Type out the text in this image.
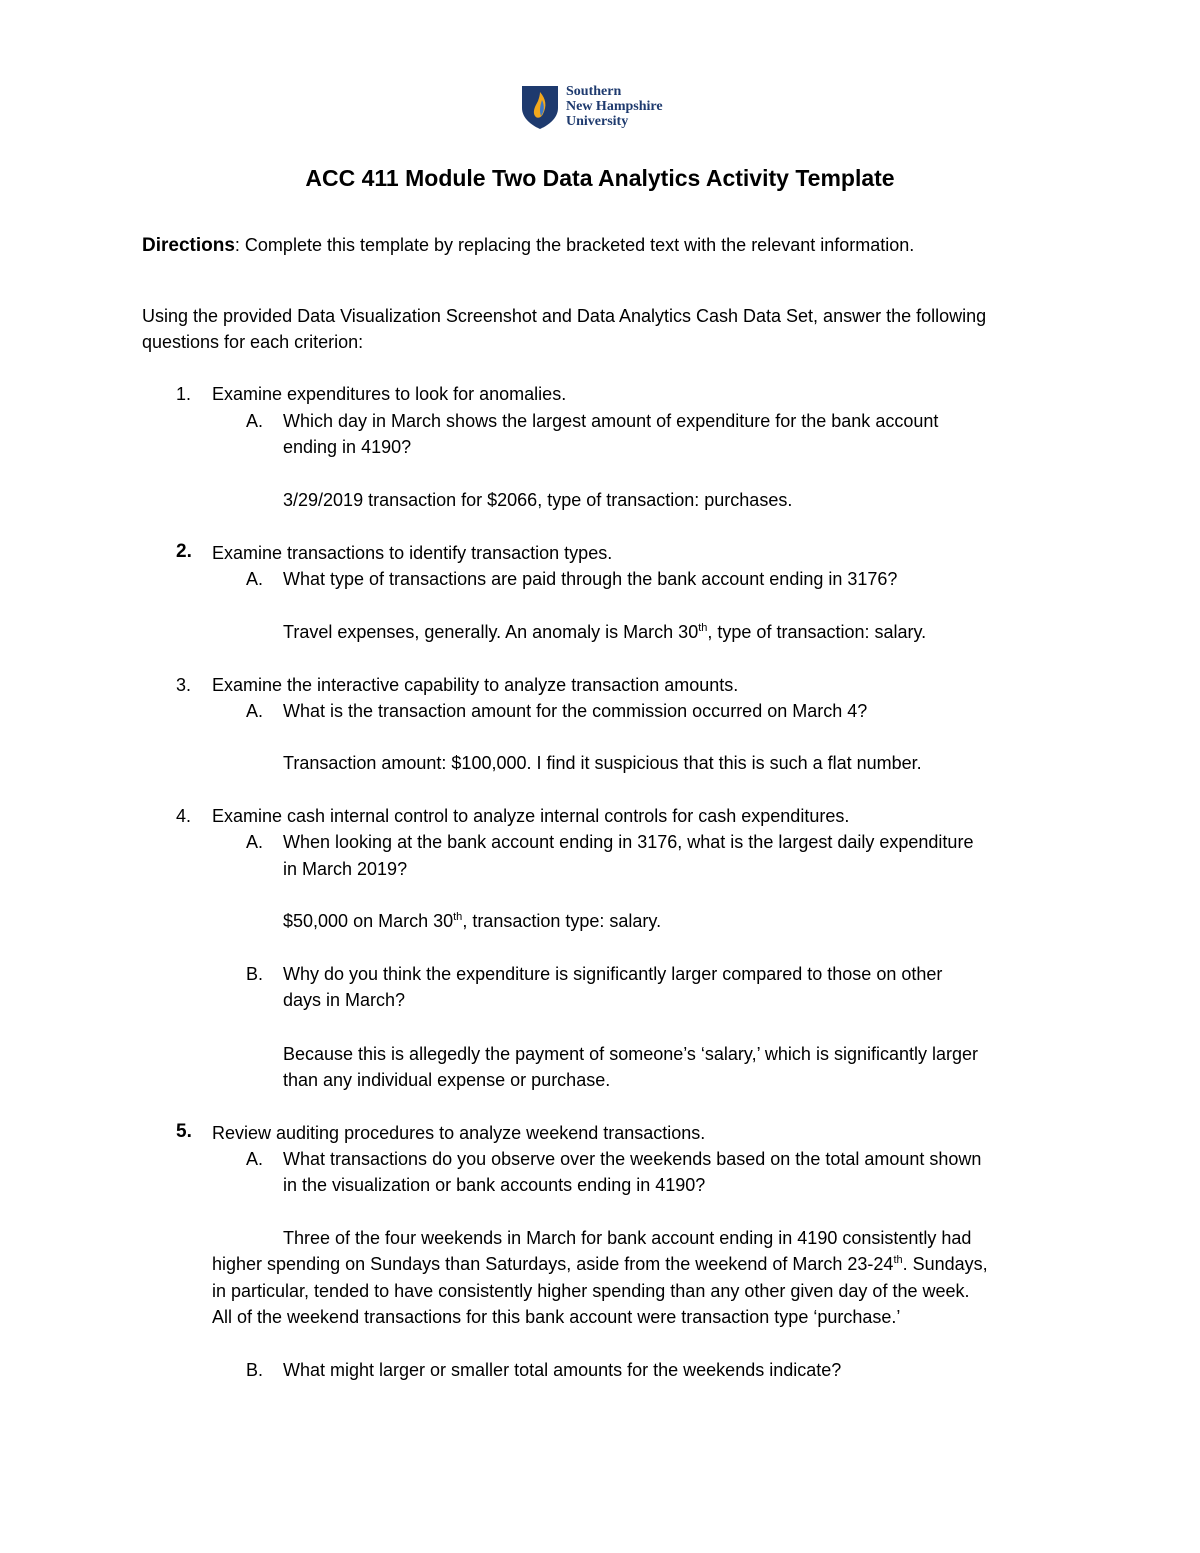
Southern
New Hampshire
University
ACC 411 Module Two Data Analytics Activity Template
Directions: Complete this template by replacing the bracketed text with the relevant information.
Using the provided Data Visualization Screenshot and Data Analytics Cash Data Set, answer the following
questions for each criterion:
1.	Examine expenditures to look for anomalies.
A. Which day in March shows the largest amount of expenditure for the bank account
ending in 4190?
3/29/2019 transaction for $2066, type of transaction: purchases.
2.	Examine transactions to identify transaction types.
A. What type of transactions are paid through the bank account ending in 3176?
Travel expenses, generally. An anomaly is March 30th, type of transaction: salary.
3.	Examine the interactive capability to analyze transaction amounts.
A. What is the transaction amount for the commission occurred on March 4?
Transaction amount: $100,000. I find it suspicious that this is such a flat number.
4.	Examine cash internal control to analyze internal controls for cash expenditures.
A. When looking at the bank account ending in 3176, what is the largest daily expenditure
in March 2019?
$50,000 on March 30th, transaction type: salary.
B. Why do you think the expenditure is significantly larger compared to those on other
days in March?
Because this is allegedly the payment of someone’s ‘salary,’ which is significantly larger
than any individual expense or purchase.
5.	Review auditing procedures to analyze weekend transactions.
A. What transactions do you observe over the weekends based on the total amount shown
in the visualization or bank accounts ending in 4190?
Three of the four weekends in March for bank account ending in 4190 consistently had
higher spending on Sundays than Saturdays, aside from the weekend of March 23-24th. Sundays,
in particular, tended to have consistently higher spending than any other given day of the week.
All of the weekend transactions for this bank account were transaction type ‘purchase.’
B. What might larger or smaller total amounts for the weekends indicate?
